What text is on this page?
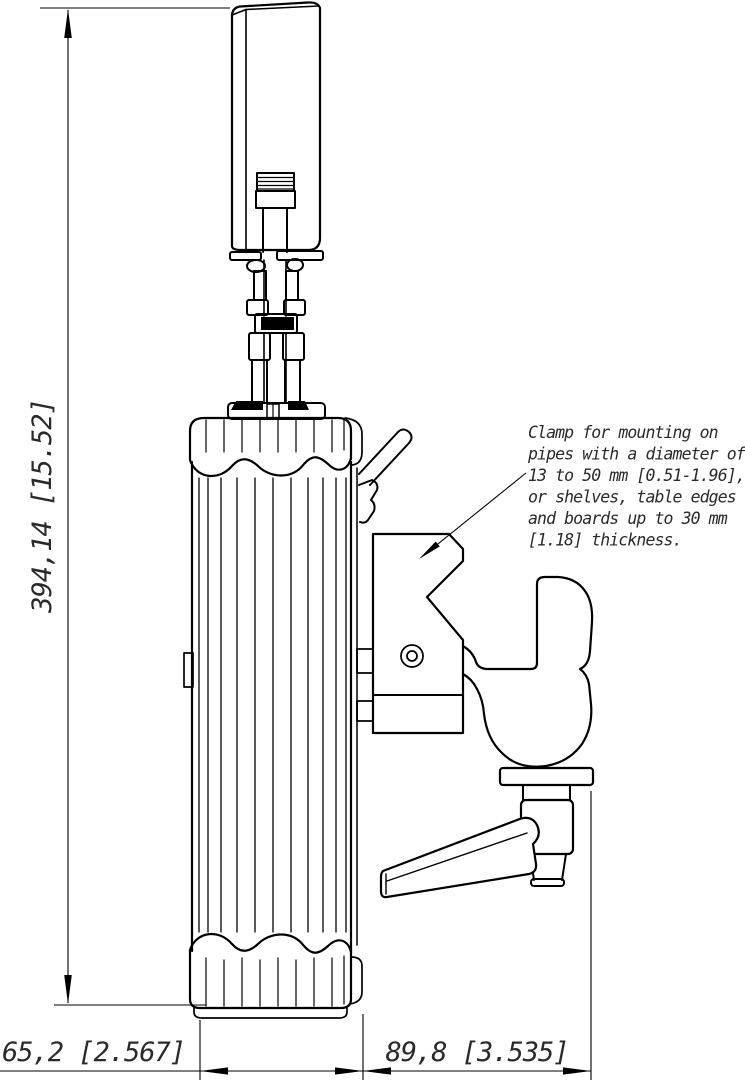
394,14 [15.52]
65,2 [2.567]	89,8 [3.535]
Clamp for mounting on
pipes with a diameter of
13 to 50 mm [0.51-1.96],
or shelves, table edges
and boards up to 30 mm
[1.18] thickness.
